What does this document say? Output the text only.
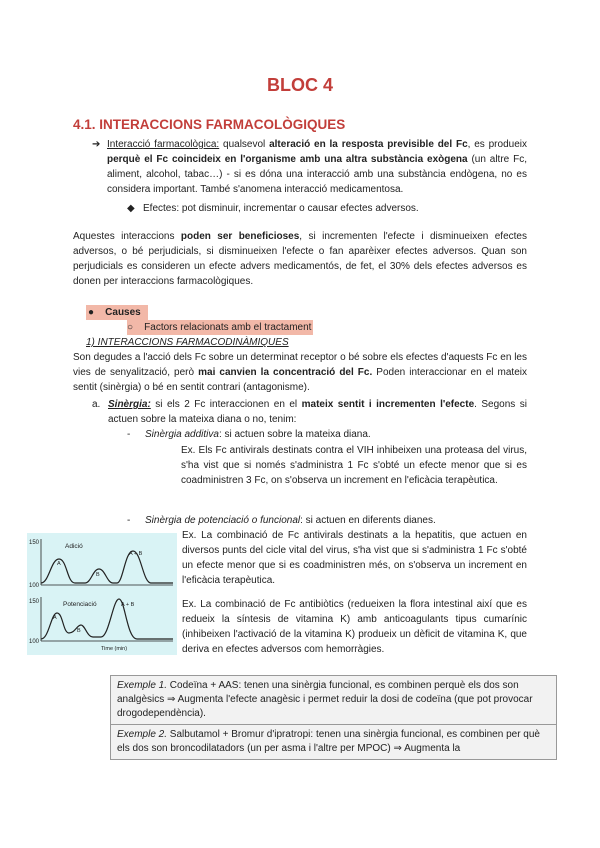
BLOC 4
4.1. INTERACCIONS FARMACOLÒGIQUES
➔ Interacció farmacològica: qualsevol alteració en la resposta previsible del Fc, es produeix perquè el Fc coincideix en l'organisme amb una altra substància exògena (un altre Fc, aliment, alcohol, tabac…) - si es dóna una interacció amb una substància endògena, no es considera important. També s'anomena interacció medicamentosa.
◆ Efectes: pot disminuir, incrementar o causar efectes adversos.
Aquestes interaccions poden ser beneficioses, si incrementen l'efecte i disminueixen efectes adversos, o bé perjudicials, si disminueixen l'efecte o fan aparèixer efectes adversos. Quan son perjudicials es consideren un efecte advers medicamentós, de fet, el 30% dels efectes adversos es donen per interaccions farmacològiques.
●    Causes
○    Factors relacionats amb el tractament
1) INTERACCIONS FARMACODINÀMIQUES
Son degudes a l'acció dels Fc sobre un determinat receptor o bé sobre els efectes d'aquests Fc en les vies de senyalització, però mai canvien la concentració del Fc. Poden interaccionar en el mateix sentit (sinèrgia) o bé en sentit contrari (antagonisme).
a. Sinèrgia: si els 2 Fc interaccionen en el mateix sentit i incrementen l'efecte. Segons si actuen sobre la mateixa diana o no, tenim:
- Sinèrgia additiva: si actuen sobre la mateixa diana.
Ex. Els Fc antivirals destinats contra el VIH inhibeixen una proteasa del virus, s'ha vist que si només s'administra 1 Fc s'obté un efecte menor que si es coadministren 3 Fc, on s'observa un increment en l'eficàcia terapèutica.
- Sinèrgia de potenciació o funcional: si actuen en diferents dianes.
Ex. La combinació de Fc antivirals destinats a la hepatitis, que actuen en diversos punts del cicle vital del virus, s'ha vist que si s'administra 1 Fc s'obté un efecte menor que si es coadministren més, on s'observa un increment en l'eficàcia terapèutica.
Ex. La combinació de Fc antibiòtics (redueixen la flora intestinal així que es redueix la síntesis de vitamina K) amb anticoagulants tipus cumarínic (inhibeixen l'activació de la vitamina K) produeix un dèficit de vitamina K, que deriva en efectes adversos com hemorràgies.
150
100
Adició
A
B
A + B
150
100
Potenciació
A
B
A + B
Time (min)
Exemple 1. Codeïna + AAS: tenen una sinèrgia funcional, es combinen perquè els dos son analgèsics ⇒ Augmenta l'efecte anagèsic i permet reduir la dosi de codeïna (que pot provocar drogodependència).
Exemple 2. Salbutamol + Bromur d'ipratropi: tenen una sinèrgia funcional, es combinen per què els dos son broncodilatadors (un per asma i l'altre per MPOC) ⇒ Augmenta la
